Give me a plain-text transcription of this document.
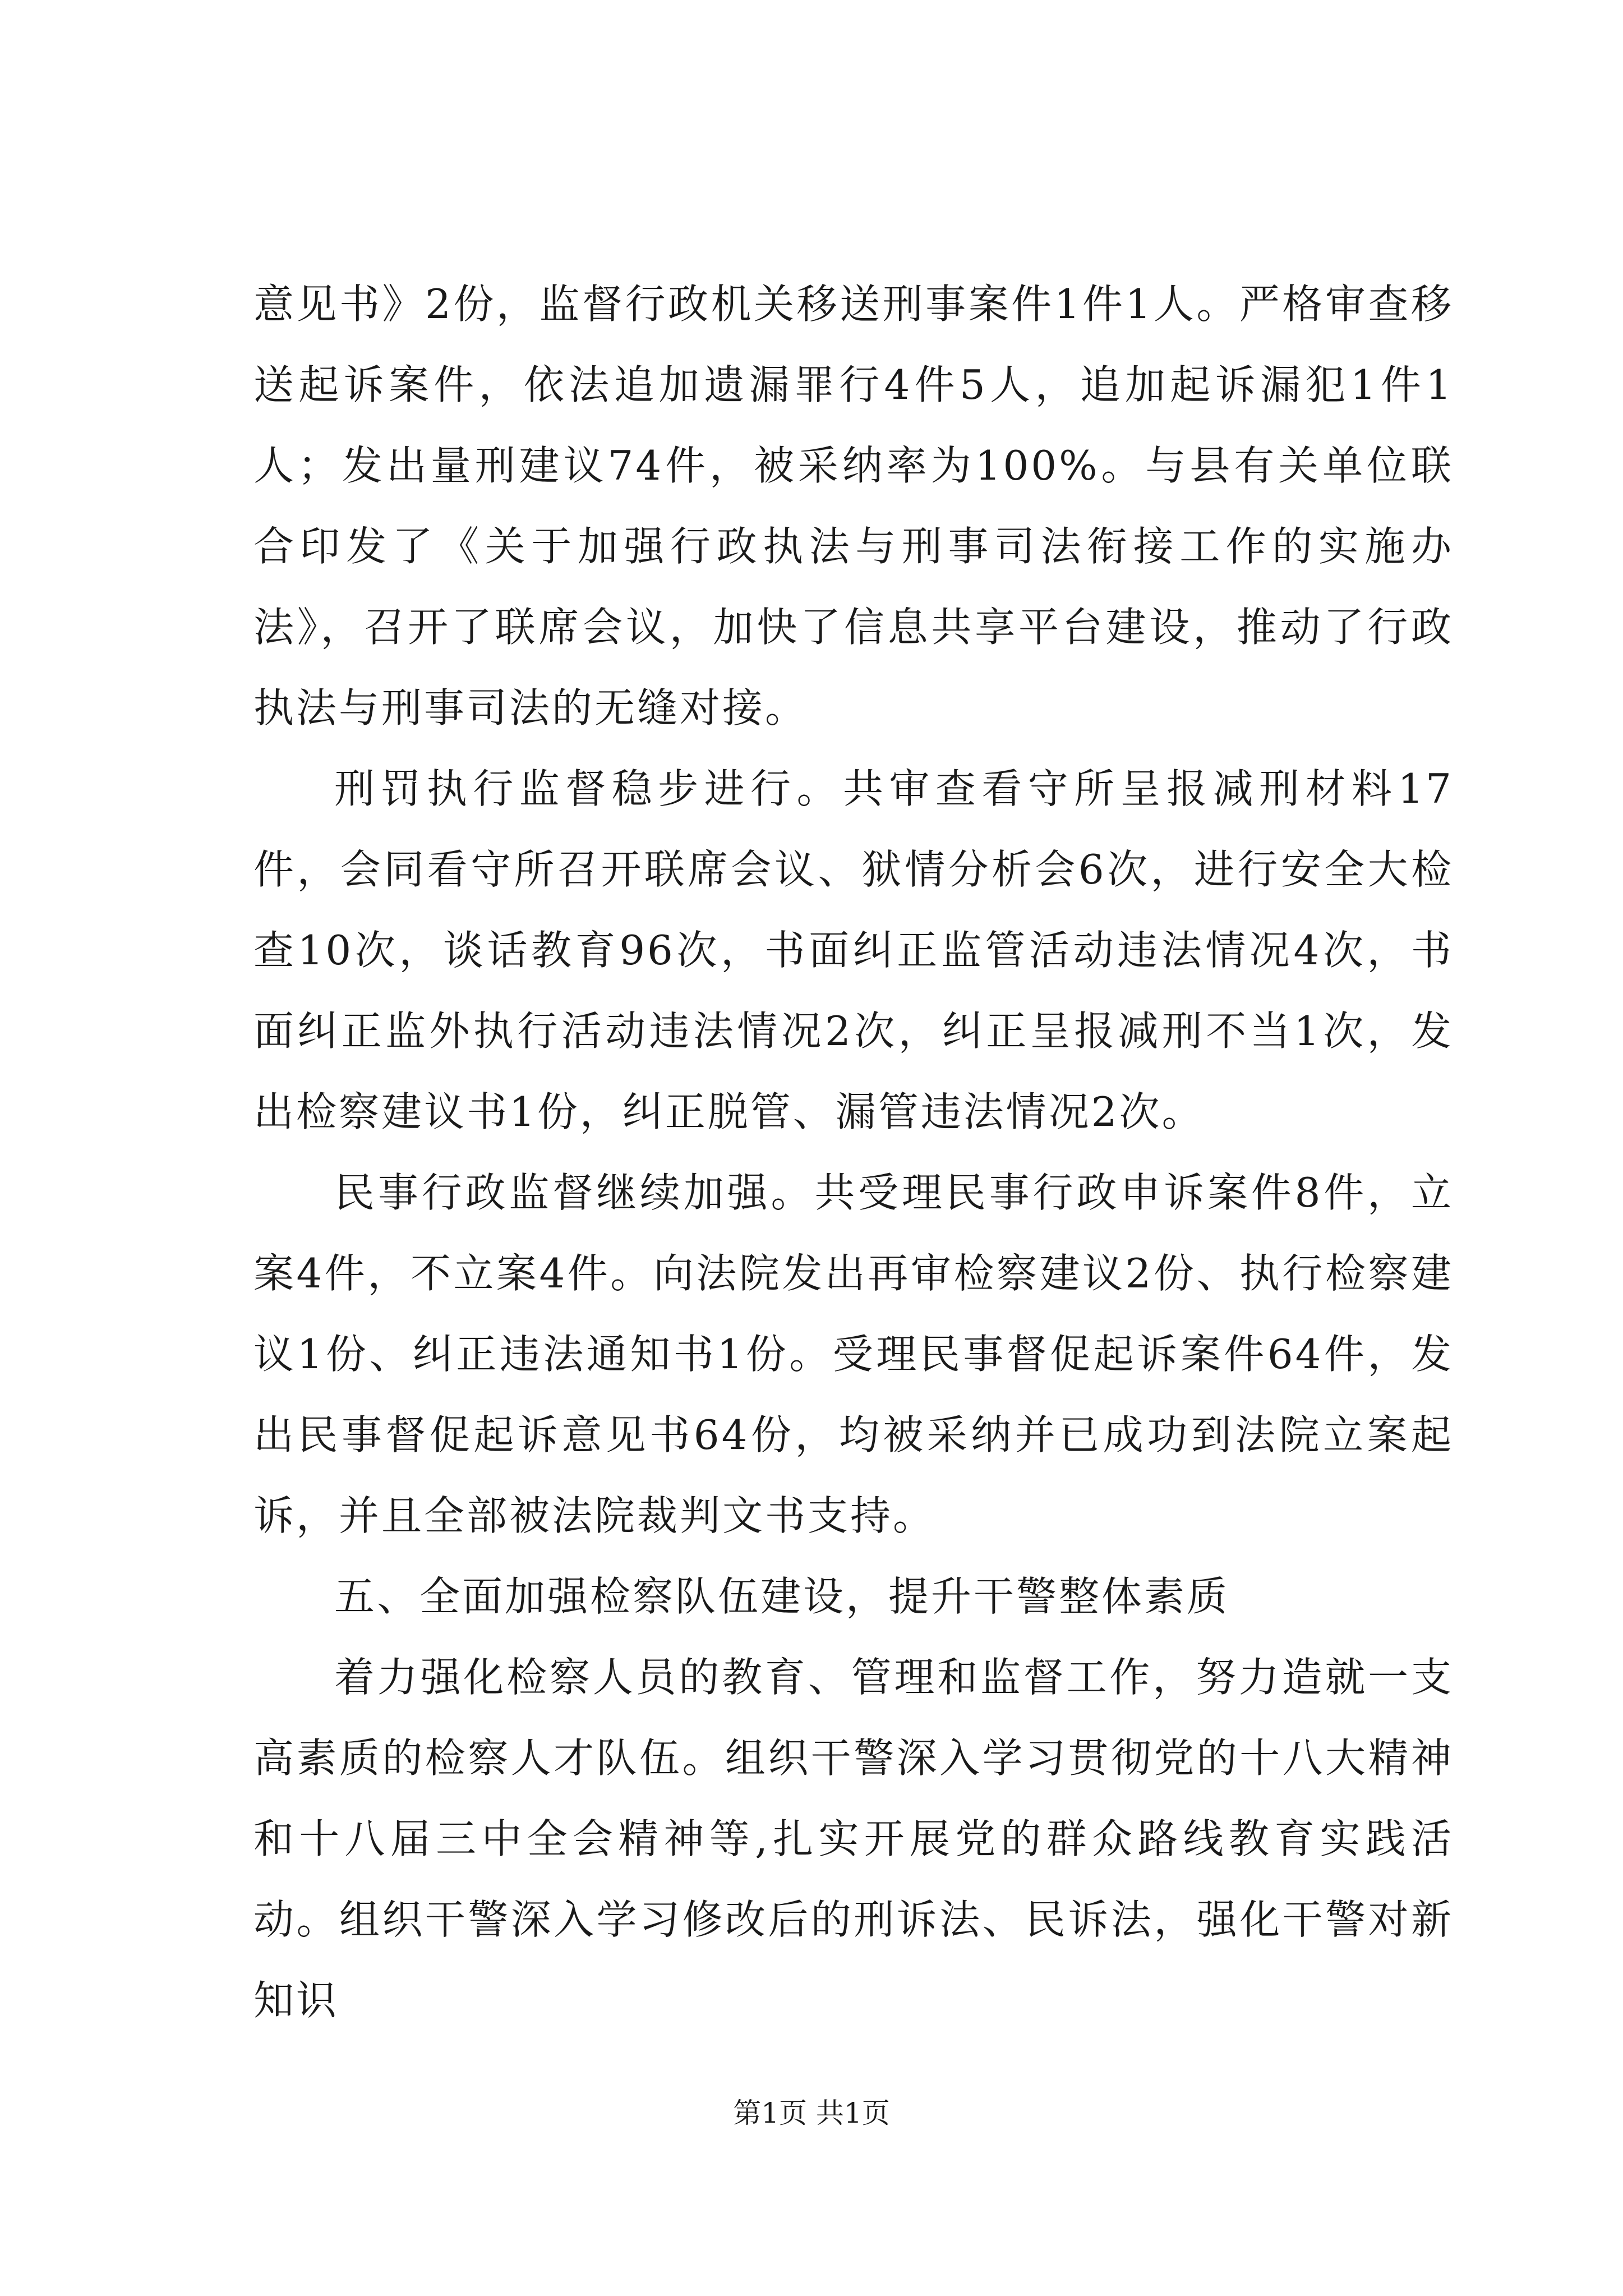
意见书》2份，监督行政机关移送刑事案件1件1人。严格审查移送起诉案件，依法追加遗漏罪行4件5人，追加起诉漏犯1件1人；发出量刑建议74件，被采纳率为100%。与县有关单位联合印发了《关于加强行政执法与刑事司法衔接工作的实施办法》，召开了联席会议，加快了信息共享平台建设，推动了行政执法与刑事司法的无缝对接。

刑罚执行监督稳步进行。共审查看守所呈报减刑材料17件，会同看守所召开联席会议、狱情分析会6次，进行安全大检查10次，谈话教育96次，书面纠正监管活动违法情况4次，书面纠正监外执行活动违法情况2次，纠正呈报减刑不当1次，发出检察建议书1份，纠正脱管、漏管违法情况2次。

民事行政监督继续加强。共受理民事行政申诉案件8件，立案4件，不立案4件。向法院发出再审检察建议2份、执行检察建议1份、纠正违法通知书1份。受理民事督促起诉案件64件，发出民事督促起诉意见书64份，均被采纳并已成功到法院立案起诉，并且全部被法院裁判文书支持。

五、全面加强检察队伍建设，提升干警整体素质

着力强化检察人员的教育、管理和监督工作，努力造就一支高素质的检察人才队伍。组织干警深入学习贯彻党的十八大精神和十八届三中全会精神等,扎实开展党的群众路线教育实践活动。组织干警深入学习修改后的刑诉法、民诉法，强化干警对新知识

第1页 共1页
